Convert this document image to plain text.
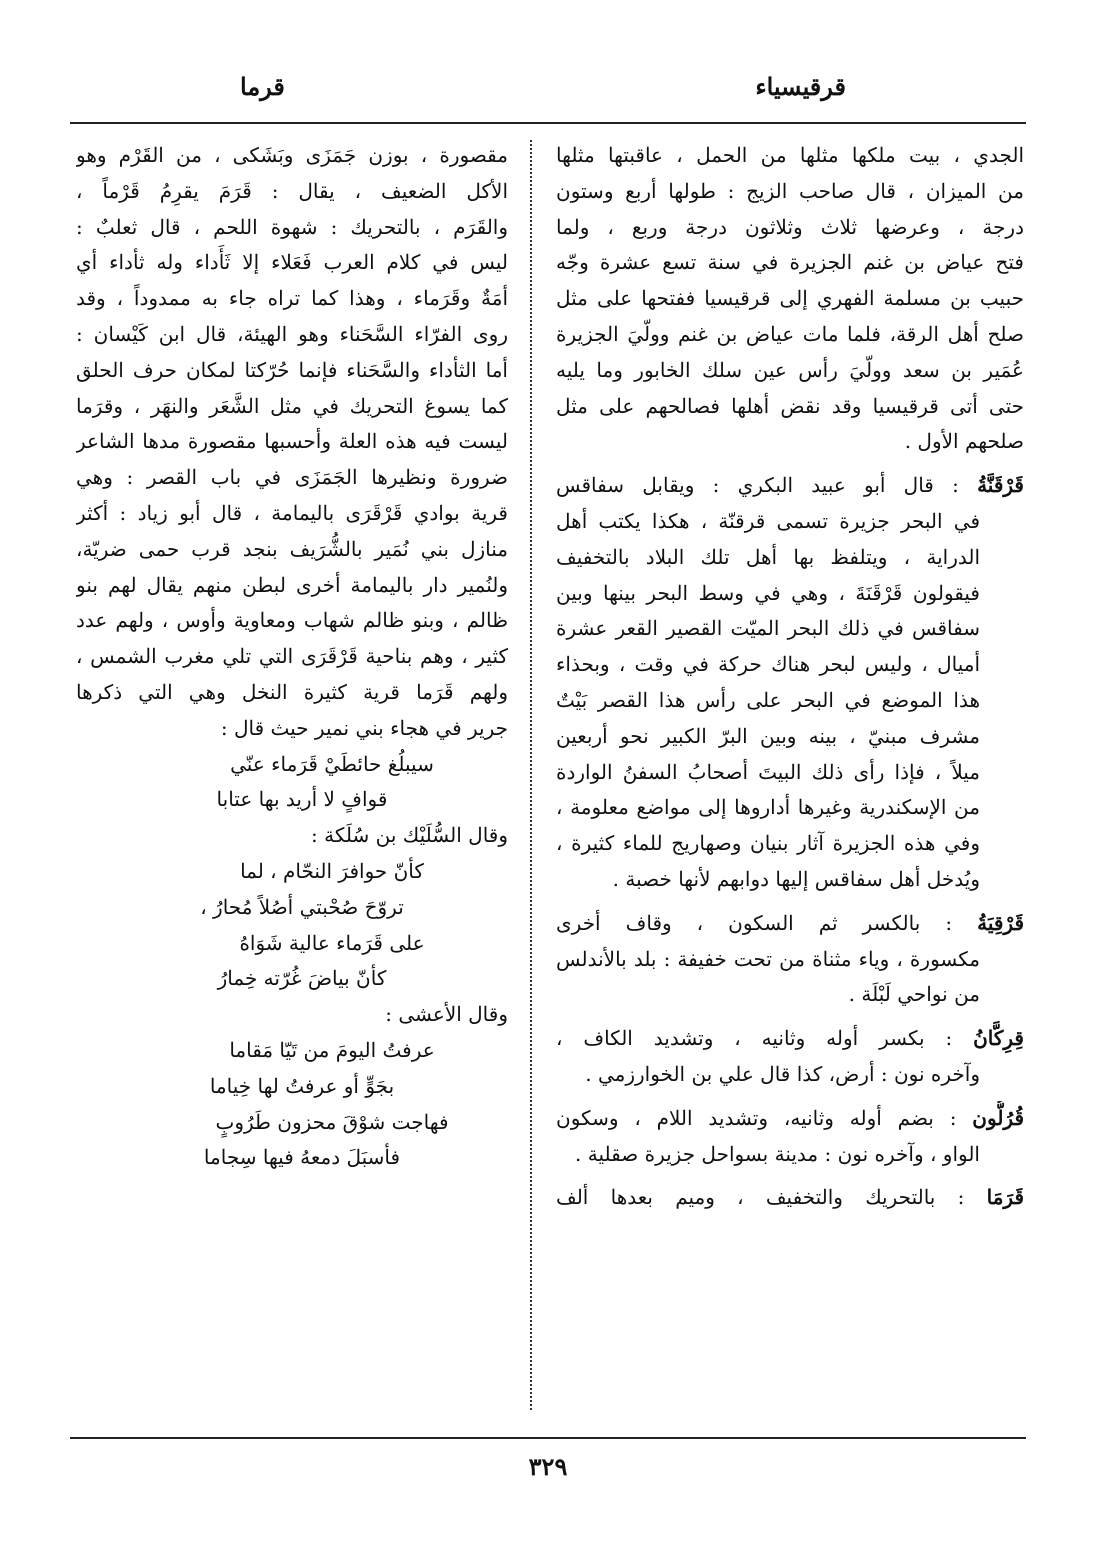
قرقيسياء
قرما
الجدي ، بيت ملكها مثلها من الحمل ، عاقبتها مثلها
من الميزان ، قال صاحب الزيج : طولها أربع وستون
درجة ، وعرضها ثلاث وثلاثون درجة وربع ، ولما
فتح عياض بن غنم الجزيرة في سنة تسع عشرة وجّه
حبيب بن مسلمة الفهري إلى قرقيسيا ففتحها على مثل
صلح أهل الرقة، فلما مات عياض بن غنم وولّيَ الجزيرة
عُمَير بن سعد وولّيَ رأس عين سلك الخابور وما يليه
حتى أتى قرقيسيا وقد نقض أهلها فصالحهم على مثل
صلحهم الأول .
قَرْقَنَّةُ : قال أبو عبيد البكري : ويقابل سفاقس
في البحر جزيرة تسمى قرقنّة ، هكذا يكتب أهل
الدراية ، ويتلفظ بها أهل تلك البلاد بالتخفيف
فيقولون قَرْقَنَةَ ، وهي في وسط البحر بينها وبين
سفاقس في ذلك البحر الميّت القصير القعر عشرة
أميال ، وليس لبحر هناك حركة في وقت ، وبحذاء
هذا الموضع في البحر على رأس هذا القصر بَيْتٌ
مشرف مبنيّ ، بينه وبين البرّ الكبير نحو أربعين
ميلاً ، فإذا رأى ذلك البيتَ أصحابُ السفنُ الواردة
من الإسكندرية وغيرها أداروها إلى مواضع معلومة ،
وفي هذه الجزيرة آثار بنيان وصهاريج للماء كثيرة ،
ويُدخل أهل سفاقس إليها دوابهم لأنها خصبة .
قَرْقِيَةُ : بالكسر ثم السكون ، وقاف أخرى
مكسورة ، وياء مثناة من تحت خفيفة : بلد بالأندلس
من نواحي لَبْلَة .
قِرِكَّانُ : بكسر أوله وثانيه ، وتشديد الكاف ،
وآخره نون : أرض، كذا قال علي بن الخوارزمي .
قُرُلُّون : بضم أوله وثانيه، وتشديد اللام ، وسكون
الواو ، وآخره نون : مدينة بسواحل جزيرة صقلية .
قَرَمَا : بالتحريك والتخفيف ، وميم بعدها ألف
مقصورة ، بوزن جَمَزَى وبَشَكى ، من القَرْم وهو
الأكل الضعيف ، يقال : قَرَمَ يقرِمُ قَرْماً ،
والقَرَم ، بالتحريك : شهوة اللحم ، قال ثعلبٌ :
ليس في كلام العرب فَعَلاء إلا ثَأَداء وله ثأداء أي
أمَةٌ وقَرَماء ، وهذا كما تراه جاء به ممدوداً ، وقد
روى الفرّاء السَّحَناء وهو الهيئة، قال ابن كَيْسان :
أما الثأداء والسَّحَناء فإنما حُرّكتا لمكان حرف الحلق
كما يسوغ التحريك في مثل الشَّعَر والنهَر ، وقرَما
ليست فيه هذه العلة وأحسبها مقصورة مدها الشاعر
ضرورة ونظيرها الجَمَزَى في باب القصر : وهي
قرية بوادي قَرْقَرَى باليمامة ، قال أبو زياد : أكثر
منازل بني نُمَير بالشُّرَيف بنجد قرب حمى ضريّة،
ولنُمير دار باليمامة أخرى لبطن منهم يقال لهم بنو
ظالم ، وبنو ظالم شهاب ومعاوية وأوس ، ولهم عدد
كثير ، وهم بناحية قَرْقَرَى التي تلي مغرب الشمس ،
ولهم قَرَما قرية كثيرة النخل وهي التي ذكرها
جرير في هجاء بني نمير حيث قال :
سيبلُغ حائطَيْ قَرَماء عنّي
قوافٍ لا أريد بها عتابا
وقال السُّلَيْك بن سُلَكة :
كأنّ حوافرَ النحّام ، لما
تروّحَ صُحْبتي أصُلاً مُحارُ ،
على قَرَماء عالية شَوَاهُ
كأنّ بياضَ غُرّته خِمارُ
وقال الأعشى :
عرفتُ اليومَ من تَيّا مَقاما
بجَوٍّ أو عرفتُ لها خِياما
فهاجت شوْقَ محزون طَرُوبٍ
فأسبَلَ دمعهُ فيها سِجاما
٣٢٩
